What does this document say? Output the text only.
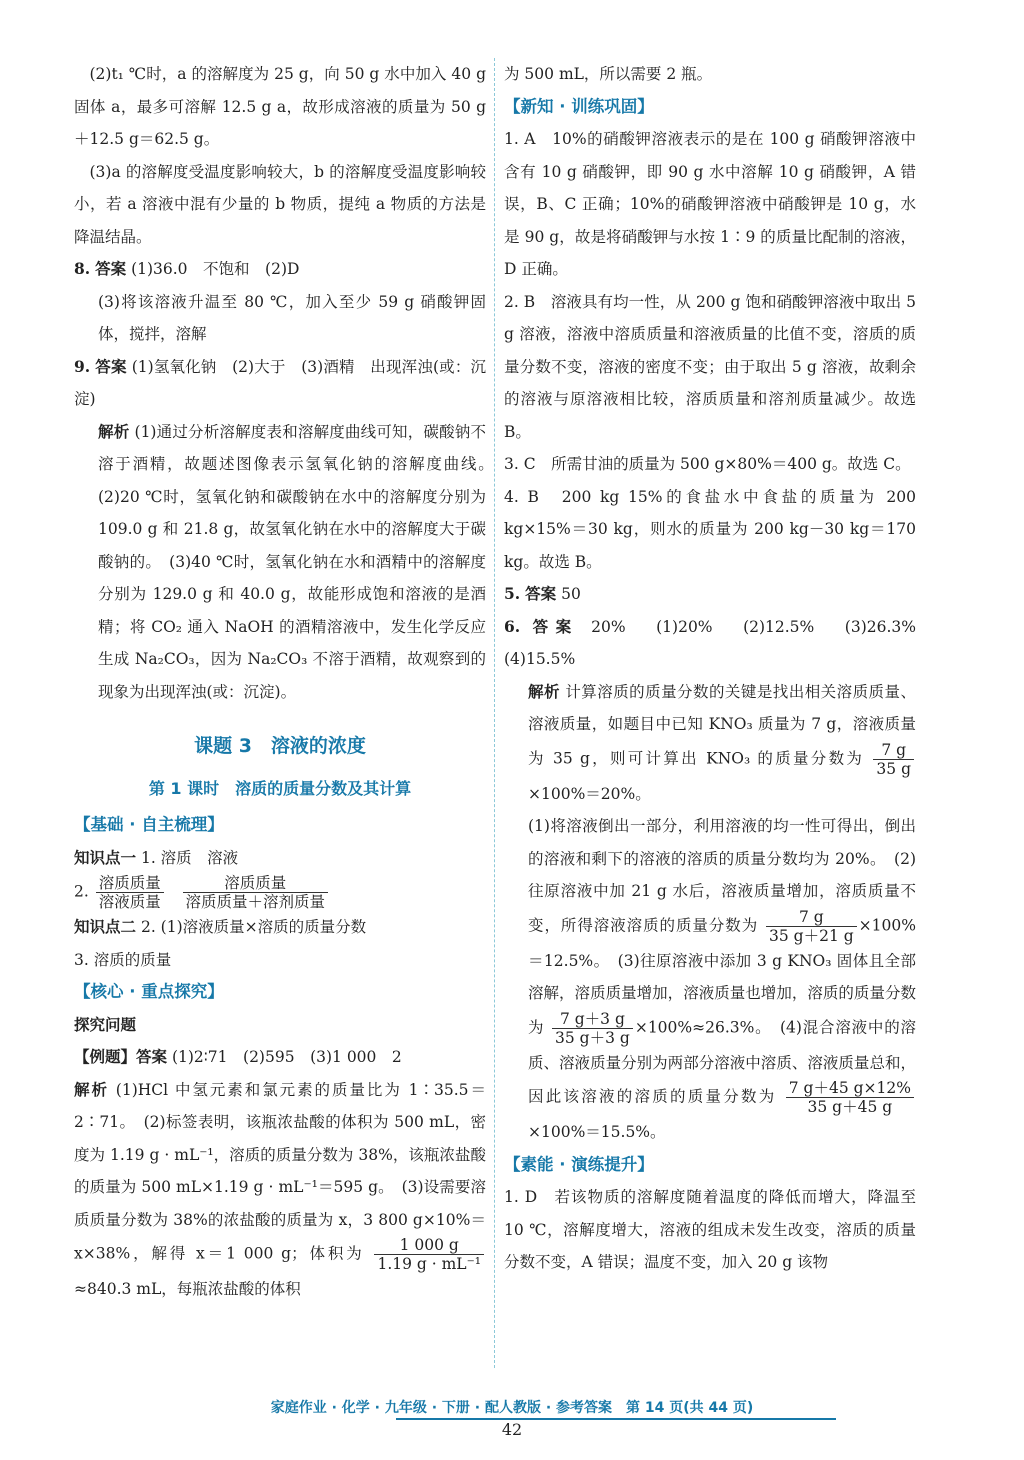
(2)t₁ ℃时，a 的溶解度为 25 g，向 50 g 水中加入 40 g 固体 a，最多可溶解 12.5 g a，故形成溶液的质量为 50 g＋12.5 g＝62.5 g。

(3)a 的溶解度受温度影响较大，b 的溶解度受温度影响较小，若 a 溶液中混有少量的 b 物质，提纯 a 物质的方法是降温结晶。

8. 答案 (1)36.0　不饱和　(2)D

(3)将该溶液升温至 80 ℃，加入至少 59 g 硝酸钾固体，搅拌，溶解

9. 答案 (1)氢氧化钠　(2)大于　(3)酒精　出现浑浊(或：沉淀)

解析 (1)通过分析溶解度表和溶解度曲线可知，碳酸钠不溶于酒精，故题述图像表示氢氧化钠的溶解度曲线。　(2)20 ℃时，氢氧化钠和碳酸钠在水中的溶解度分别为 109.0 g 和 21.8 g，故氢氧化钠在水中的溶解度大于碳酸钠的。　(3)40 ℃时，氢氧化钠在水和酒精中的溶解度分别为 129.0 g 和 40.0 g，故能形成饱和溶液的是酒精；将 CO₂ 通入 NaOH 的酒精溶液中，发生化学反应生成 Na₂CO₃，因为 Na₂CO₃ 不溶于酒精，故观察到的现象为出现浑浊(或：沉淀)。

课题 3　溶液的浓度
第 1 课时　溶质的质量分数及其计算
【基础 · 自主梳理】

知识点一 1. 溶质　溶液

2. $\frac{\text{溶质质量}}{\text{溶液质量}}$
$\frac{\text{溶质质量}}{\text{溶质质量＋溶剂质量}}$

知识点二 2. (1)溶液质量×溶质的质量分数

3. 溶质的质量

【核心 · 重点探究】

探究问题

【例题】答案 (1)2∶71　(2)595　(3)1 000　2

解析 (1)HCl 中氢元素和氯元素的质量比为 1∶35.5＝2∶71。　(2)标签表明，该瓶浓盐酸的体积为 500 mL，密度为 1.19 g · mL⁻¹，溶质的质量分数为 38%，该瓶浓盐酸的质量为 500 mL×1.19 g · mL⁻¹＝595 g。　(3)设需要溶质质量分数为 38%的浓盐酸的质量为 x，3 800 g×10%＝x×38%，解得 x＝1 000 g；体积为 $\frac{1 000 g}{\text{1.19 g · mL⁻¹}}$
≈840.3 mL，每瓶浓盐酸的体积

为 500 mL，所以需要 2 瓶。

【新知 · 训练巩固】

1. A　10%的硝酸钾溶液表示的是在 100 g 硝酸钾溶液中含有 10 g 硝酸钾，即 90 g 水中溶解 10 g 硝酸钾，A 错误，B、C 正确；10%的硝酸钾溶液中硝酸钾是 10 g，水是 90 g，故是将硝酸钾与水按 1∶9 的质量比配制的溶液，D 正确。

2. B　溶液具有均一性，从 200 g 饱和硝酸钾溶液中取出 5 g 溶液，溶液中溶质质量和溶液质量的比值不变，溶质的质量分数不变，溶液的密度不变；由于取出 5 g 溶液，故剩余的溶液与原溶液相比较，溶质质量和溶剂质量减少。故选 B。

3. C　所需甘油的质量为 500 g×80%＝400 g。故选 C。

4. B　200 kg 15%的食盐水中食盐的质量为 200 kg×15%＝30 kg，则水的质量为 200 kg－30 kg＝170 kg。故选 B。

5. 答案 50

6. 答案 20%　(1)20%　(2)12.5%　(3)26.3%　(4)15.5%

解析 计算溶质的质量分数的关键是找出相关溶质质量、溶液质量，如题目中已知 KNO₃ 质量为 7 g，溶液质量为 35 g，则可计算出 KNO₃ 的质量分数为 $\frac{7 g}{35 g}$
×100%＝20%。

(1)将溶液倒出一部分，利用溶液的均一性可得出，倒出的溶液和剩下的溶液的溶质的质量分数均为 20%。　(2)往原溶液中加 21 g 水后，溶液质量增加，溶质质量不变，所得溶液溶质的质量分数为 $\frac{7 g}{35 g+21 g} \times 100\%=12.5\%$。　(3)往原溶液中添加 3 g KNO₃ 固体且全部溶解，溶质质量增加，溶液质量也增加，溶质的质量分数为 $\frac{7 g+3 g}{35 g+3 g} \times 100\%\approx 26.3\%$。　(4)混合溶液中的溶质、溶液质量分别为两部分溶液中溶质、溶液质量总和，因此该溶液的溶质的质量分数为 $\frac{7 g+45 g\times 12\%}{35 g+45 g}$
×100%＝15.5%。

【素能 · 演练提升】

1. D　若该物质的溶解度随着温度的降低而增大，降温至 10 ℃，溶解度增大，溶液的组成未发生改变，溶质的质量分数不变，A 错误；温度不变，加入 20 g 该物

家庭作业 · 化学 · 九年级 · 下册 · 配人教版 · 参考答案　第 14 页(共 44 页)
42
